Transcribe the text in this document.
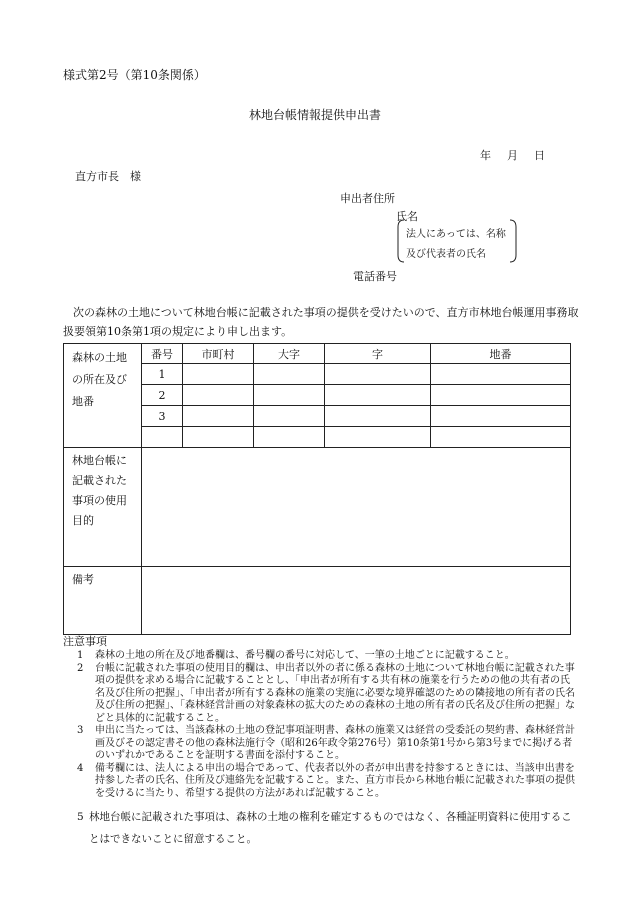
様式第2号（第10条関係）
林地台帳情報提供申出書
年 月 日
直方市長　様
申出者住所
氏名
法人にあっては、名称
及び代表者の氏名
電話番号
次の森林の土地について林地台帳に記載された事項の提供を受けたいので、直方市林地台帳運用事務取扱要領第10条第1項の規定により申し出ます。
森林の土地の所在及び地番	番号	市町村	大字	字	地番
	1				
	2				
	3				

林地台帳に記載された事項の使用目的					

備考					
注意事項
1 森林の土地の所在及び地番欄は、番号欄の番号に対応して、一筆の土地ごとに記載すること。
2 台帳に記載された事項の使用目的欄は、申出者以外の者に係る森林の土地について林地台帳に記載された事項の提供を求める場合に記載することとし、「申出者が所有する共有林の施業を行うための他の共有者の氏名及び住所の把握」、「申出者が所有する森林の施業の実施に必要な境界確認のための隣接地の所有者の氏名及び住所の把握」、「森林経営計画の対象森林の拡大のための森林の土地の所有者の氏名及び住所の把握」などと具体的に記載すること。
3 申出に当たっては、当該森林の土地の登記事項証明書、森林の施業又は経営の受委託の契約書、森林経営計画及びその認定書その他の森林法施行令（昭和26年政令第276号）第10条第1号から第3号までに掲げる者のいずれかであることを証明する書面を添付すること。
4 備考欄には、法人による申出の場合であって、代表者以外の者が申出書を持参するときには、当該申出書を持参した者の氏名、住所及び連絡先を記載すること。また、直方市長から林地台帳に記載された事項の提供を受けるに当たり、希望する提供の方法があれば記載すること。
5 林地台帳に記載された事項は、森林の土地の権利を確定するものではなく、各種証明資料に使用することはできないことに留意すること。
